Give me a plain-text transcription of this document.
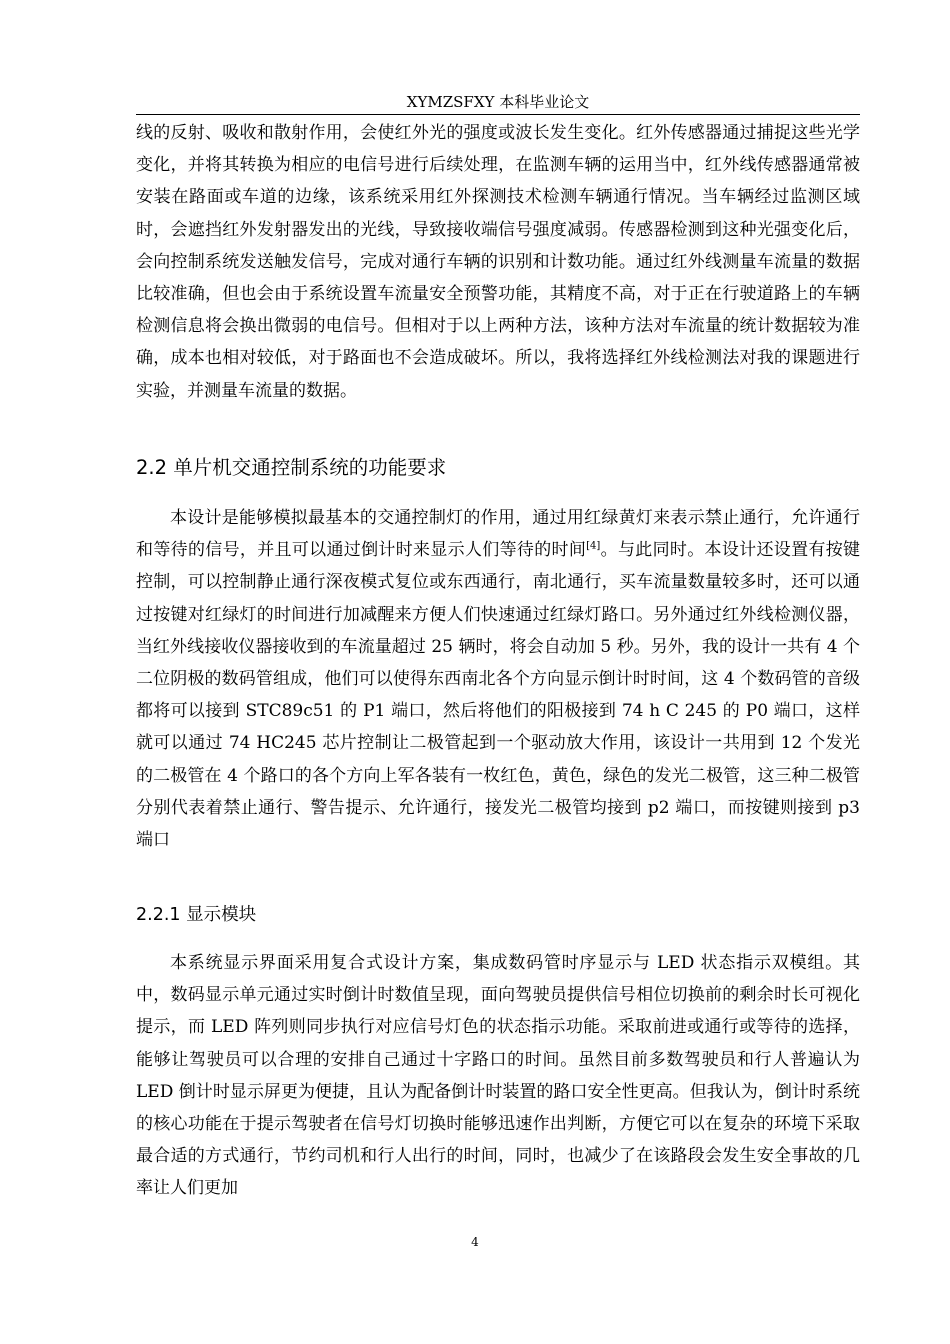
XYMZSFXY 本科毕业论文

线的反射、吸收和散射作用，会使红外光的强度或波长发生变化。红外传感器通过捕捉这些光学变化，并将其转换为相应的电信号进行后续处理，在监测车辆的运用当中，红外线传感器通常被安装在路面或车道的边缘，该系统采用红外探测技术检测车辆通行情况。当车辆经过监测区域时，会遮挡红外发射器发出的光线，导致接收端信号强度减弱。传感器检测到这种光强变化后，会向控制系统发送触发信号，完成对通行车辆的识别和计数功能。通过红外线测量车流量的数据比较准确，但也会由于系统设置车流量安全预警功能，其精度不高，对于正在行驶道路上的车辆检测信息将会换出微弱的电信号。但相对于以上两种方法，该种方法对车流量的统计数据较为准确，成本也相对较低，对于路面也不会造成破坏。所以，我将选择红外线检测法对我的课题进行实验，并测量车流量的数据。

2.2 单片机交通控制系统的功能要求

本设计是能够模拟最基本的交通控制灯的作用，通过用红绿黄灯来表示禁止通行，允许通行和等待的信号，并且可以通过倒计时来显示人们等待的时间[4]。与此同时。本设计还设置有按键控制，可以控制静止通行深夜模式复位或东西通行，南北通行，买车流量数量较多时，还可以通过按键对红绿灯的时间进行加减醒来方便人们快速通过红绿灯路口。另外通过红外线检测仪器，当红外线接收仪器接收到的车流量超过 25 辆时，将会自动加 5 秒。另外，我的设计一共有 4 个二位阴极的数码管组成，他们可以使得东西南北各个方向显示倒计时时间，这 4 个数码管的音级都将可以接到 STC89c51 的 P1 端口，然后将他们的阳极接到 74 h C 245 的 P0 端口，这样就可以通过 74 HC245 芯片控制让二极管起到一个驱动放大作用，该设计一共用到 12 个发光的二极管在 4 个路口的各个方向上军各装有一枚红色，黄色，绿色的发光二极管，这三种二极管分别代表着禁止通行、警告提示、允许通行，接发光二极管均接到 p2 端口，而按键则接到 p3 端口

2.2.1 显示模块

本系统显示界面采用复合式设计方案，集成数码管时序显示与 LED 状态指示双模组。其中，数码显示单元通过实时倒计时数值呈现，面向驾驶员提供信号相位切换前的剩余时长可视化提示，而 LED 阵列则同步执行对应信号灯色的状态指示功能。采取前进或通行或等待的选择，能够让驾驶员可以合理的安排自己通过十字路口的时间。虽然目前多数驾驶员和行人普遍认为 LED 倒计时显示屏更为便捷，且认为配备倒计时装置的路口安全性更高。但我认为，倒计时系统的核心功能在于提示驾驶者在信号灯切换时能够迅速作出判断，方便它可以在复杂的环境下采取最合适的方式通行，节约司机和行人出行的时间，同时，也减少了在该路段会发生安全事故的几率让人们更加

4
